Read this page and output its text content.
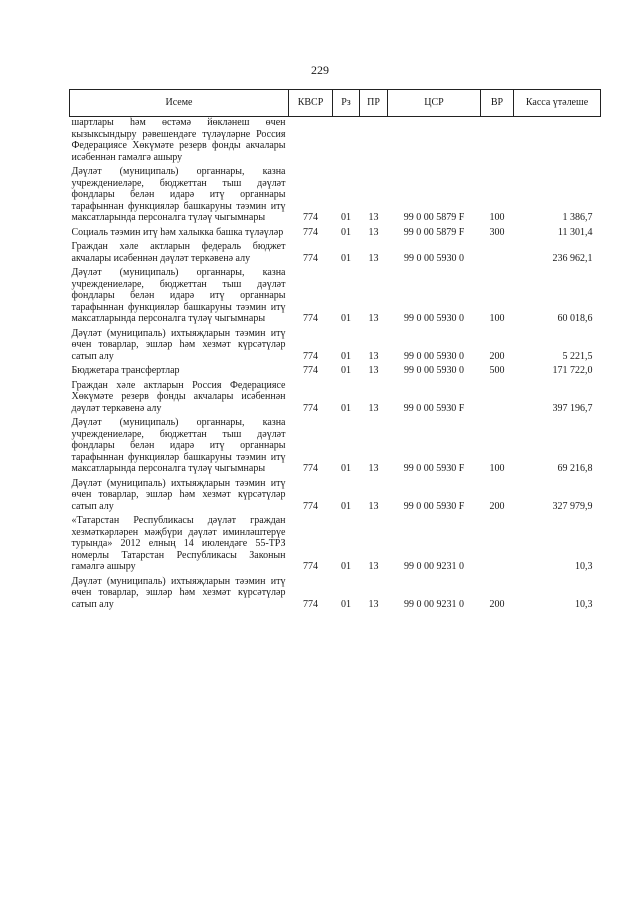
229
Исеме	КВСР	Рз	ПР	ЦСР	ВР	Касса үтәлеше
шартлары һәм өстәмә йөкләнеш өчен кызыксындыру рәвешендәге түләүләрне Россия Федерациясе Хөкүмәте резерв фонды акчалары исәбеннән гамәлгә ашыру						
Дәүләт (муниципаль) органнары, казна учреждениеләре, бюджеттан тыш дәүләт фондлары белән идарә итү органнары тарафыннан функцияләр башкаруны тәэмин итү максатларында персоналга түләү чыгымнары	774	01	13	99 0 00 5879 F	100	1 386,7
Социаль тәэмин итү һәм халыкка башка түләүләр	774	01	13	99 0 00 5879 F	300	11 301,4
Граждан хәле актларын федераль бюджет акчалары исәбеннән дәүләт теркәвенә алу	774	01	13	99 0 00 5930 0		236 962,1
Дәүләт (муниципаль) органнары, казна учреждениеләре, бюджеттан тыш дәүләт фондлары белән идарә итү органнары тарафыннан функцияләр башкаруны тәэмин итү максатларында персоналга түләү чыгымнары	774	01	13	99 0 00 5930 0	100	60 018,6
Дәүләт (муниципаль) ихтыяҗларын тәэмин итү өчен товарлар, эшләр һәм хезмәт күрсәтүләр сатып алу	774	01	13	99 0 00 5930 0	200	5 221,5
Бюджетара трансфертлар	774	01	13	99 0 00 5930 0	500	171 722,0
Граждан хәле актларын Россия Федерациясе Хөкүмәте резерв фонды акчалары исәбеннән дәүләт теркәвенә алу	774	01	13	99 0 00 5930 F		397 196,7
Дәүләт (муниципаль) органнары, казна учреждениеләре, бюджеттан тыш дәүләт фондлары белән идарә итү органнары тарафыннан функцияләр башкаруны тәэмин итү максатларында персоналга түләү чыгымнары	774	01	13	99 0 00 5930 F	100	69 216,8
Дәүләт (муниципаль) ихтыяҗларын тәэмин итү өчен товарлар, эшләр һәм хезмәт күрсәтүләр сатып алу	774	01	13	99 0 00 5930 F	200	327 979,9
«Татарстан Республикасы дәүләт граждан хезмәткәрләрен мәҗбүри дәүләт иминләштерүе турында» 2012 елның 14 июлендәге 55-ТРЗ номерлы Татарстан Республикасы Законын гамәлгә ашыру	774	01	13	99 0 00 9231 0		10,3
Дәүләт (муниципаль) ихтыяҗларын тәэмин итү өчен товарлар, эшләр һәм хезмәт күрсәтүләр сатып алу	774	01	13	99 0 00 9231 0	200	10,3
